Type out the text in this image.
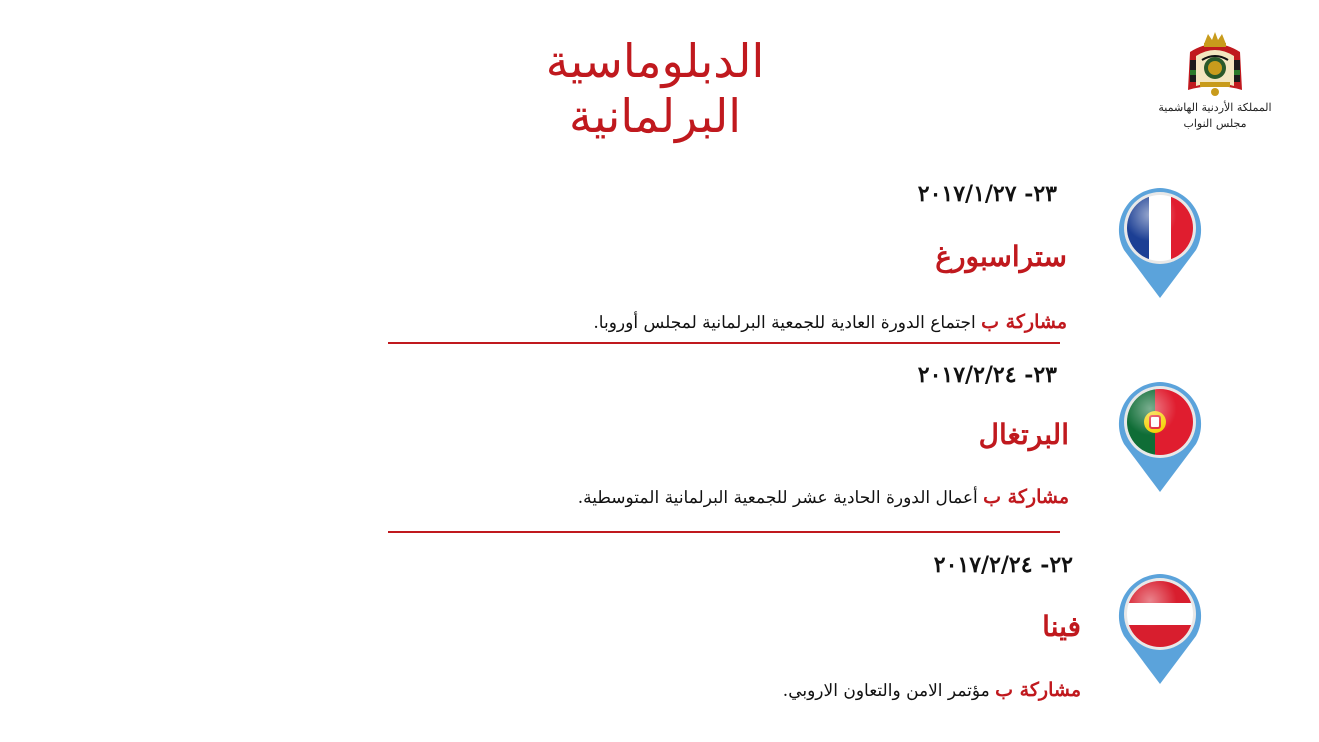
الدبلوماسية البرلمانية	المملكة الأردنية الهاشمية
مجلس النواب
٢٣- ٢٠١٧/١/٢٧
ستراسبورغ
مشاركة ب اجتماع الدورة العادية للجمعية البرلمانية لمجلس أوروبا.
٢٣- ٢٠١٧/٢/٢٤
البرتغال
مشاركة ب أعمال الدورة الحادية عشر للجمعية البرلمانية المتوسطية.
٢٢- ٢٠١٧/٢/٢٤
فينا
مشاركة ب مؤتمر الامن والتعاون الاروبي.
